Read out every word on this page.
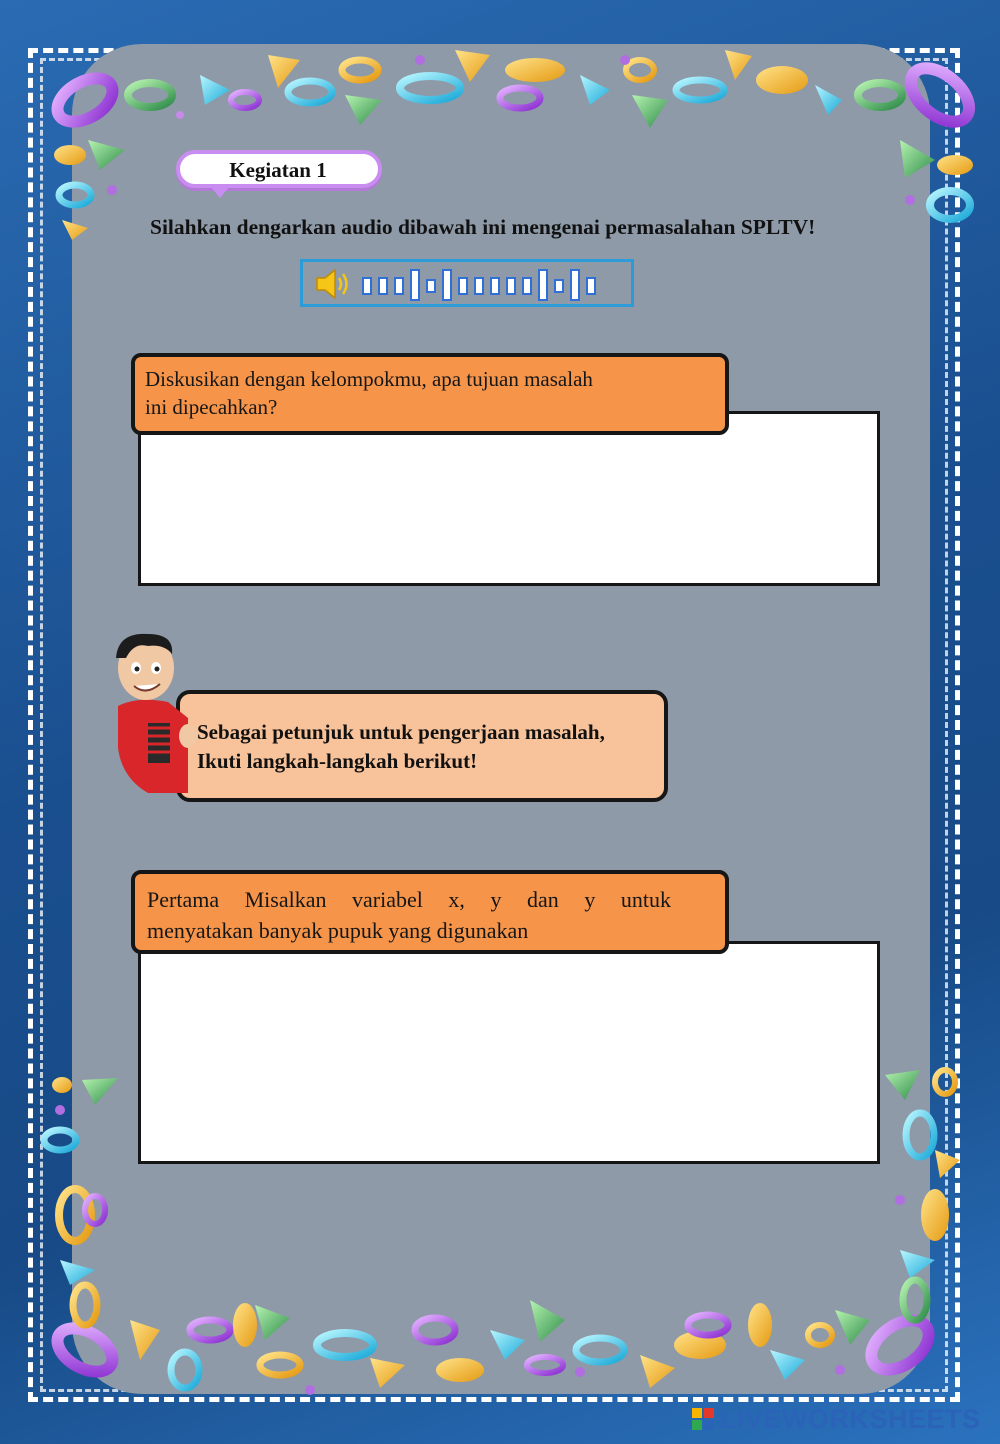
Kegiatan 1
Silahkan dengarkan audio dibawah ini mengenai permasalahan SPLTV!
Diskusikan dengan kelompokmu, apa tujuan masalah
ini dipecahkan?
Sebagai petunjuk untuk pengerjaan masalah,
Ikuti langkah-langkah berikut!
Pertama Misalkan variabel x, y dan y untuk
menyatakan banyak pupuk yang digunakan
LIVEWORKSHEETS
